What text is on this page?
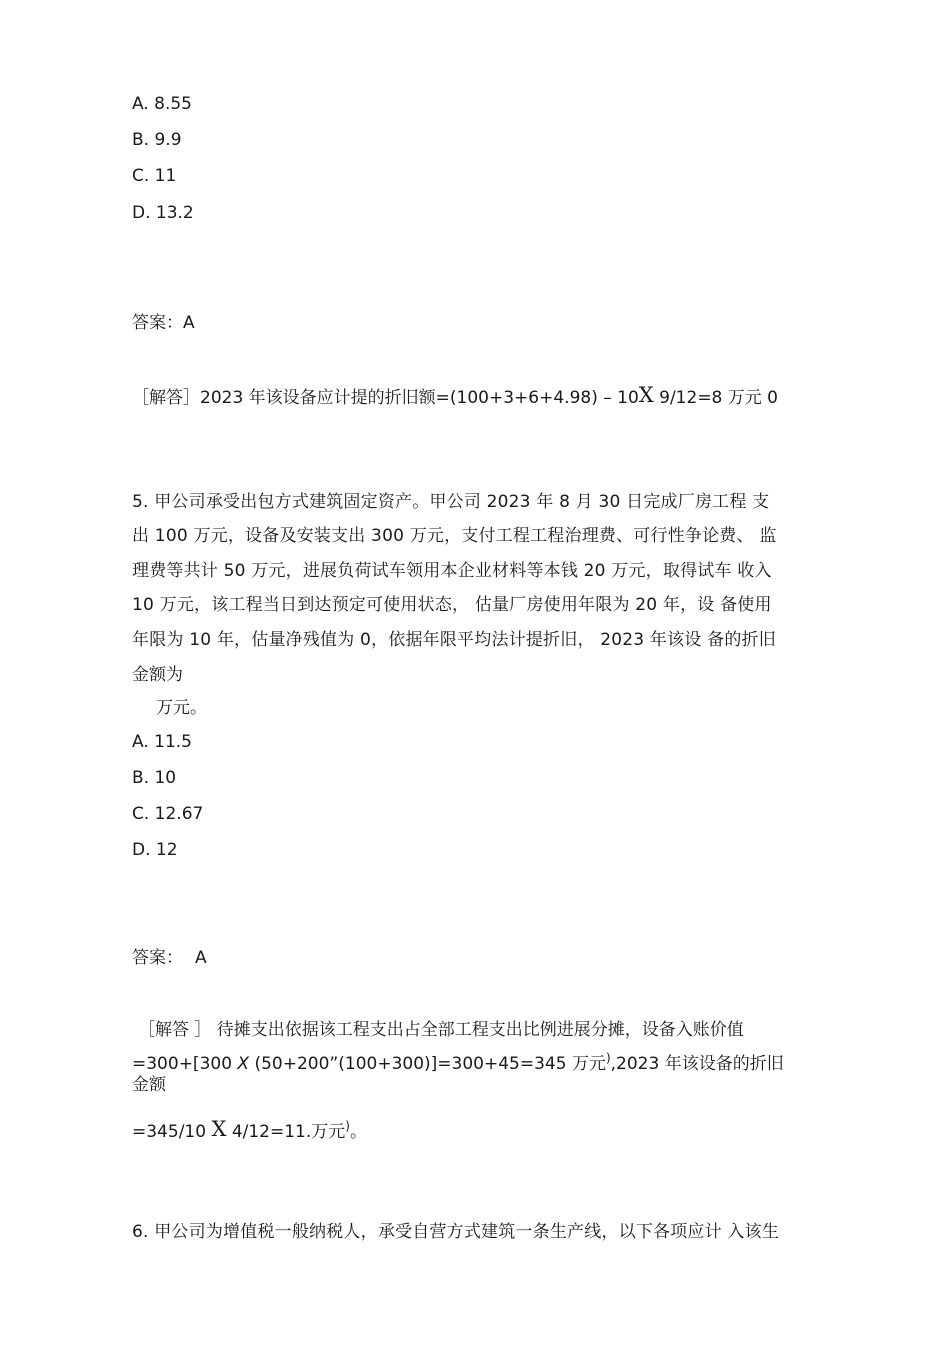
A. 8.55
B. 9.9
C. 11
D. 13.2
答案：A
［解答］2023 年该设备应计提的折旧额=(100+3+6+4.98) – 10X 9/12=8 万元 0
5. 甲公司承受出包方式建筑固定资产。甲公司 2023 年 8 月 30 日完成厂房工程 支
出 100 万元，设备及安装支出 300 万元，支付工程工程治理费、可行性争论费、 监
理费等共计 50 万元，进展负荷试车领用本企业材料等本钱 20 万元，取得试车 收入
10 万元，该工程当日到达预定可使用状态， 估量厂房使用年限为 20 年，设 备使用
年限为 10 年，估量净残值为 0，依据年限平均法计提折旧， 2023 年该设 备的折旧
金额为
万元。
A. 11.5
B. 10
C. 12.67
D. 12
答案： A
［解答 ］ 待摊支出依据该工程支出占全部工程支出比例进展分摊，设备入账价值
=300+[300 X (50+200”(100+300)]=300+45=345 万元),2023 年该设备的折旧
金额
=345/10 X 4/12=11.万元)。
6. 甲公司为增值税一般纳税人，承受自营方式建筑一条生产线，以下各项应计 入该生
